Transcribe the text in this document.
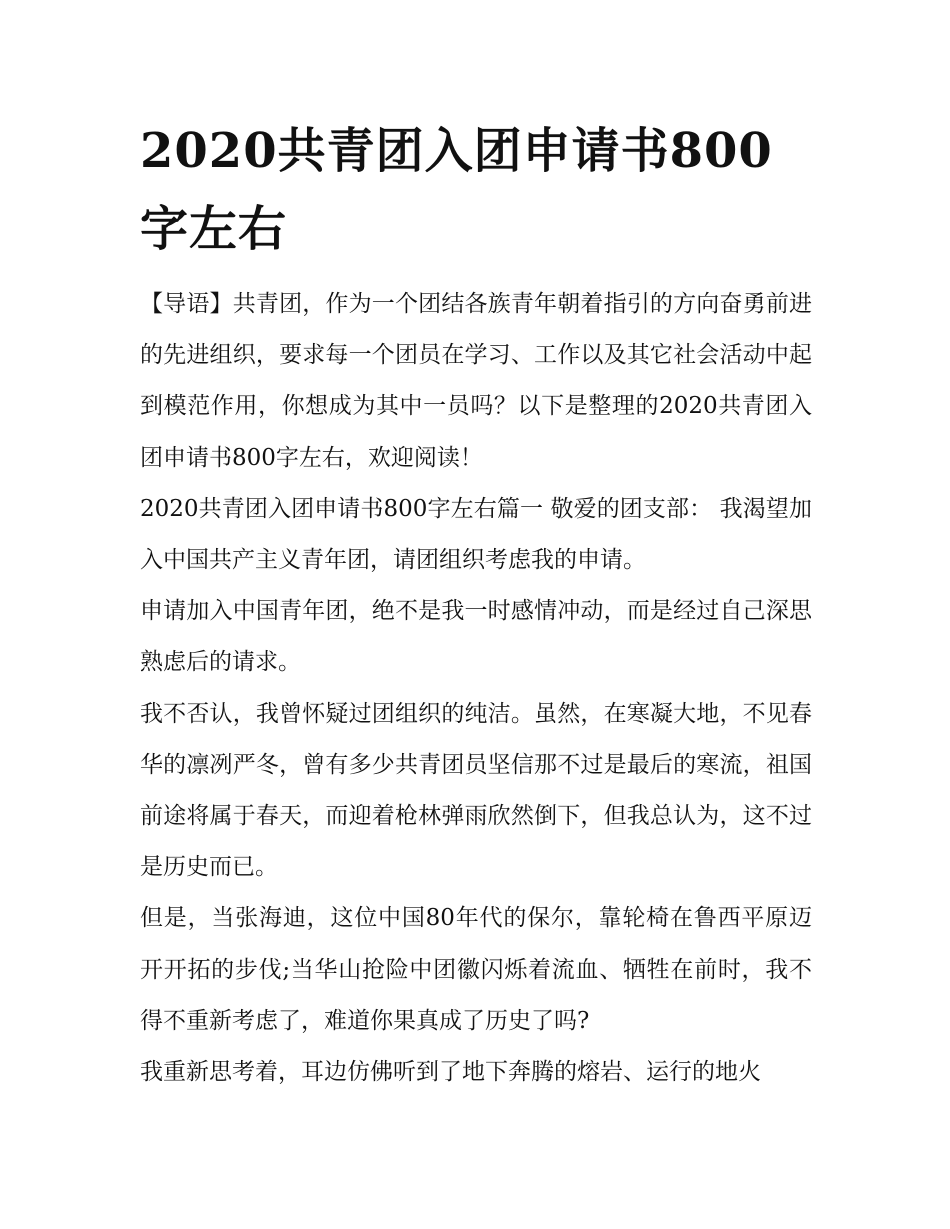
2020共青团入团申请书800字左右

【导语】共青团，作为一个团结各族青年朝着指引的方向奋勇前进的先进组织，要求每一个团员在学习、工作以及其它社会活动中起到模范作用，你想成为其中一员吗？以下是整理的2020共青团入团申请书800字左右，欢迎阅读！

2020共青团入团申请书800字左右篇一 敬爱的团支部： 我渴望加入中国共产主义青年团，请团组织考虑我的申请。

申请加入中国青年团，绝不是我一时感情冲动，而是经过自己深思熟虑后的请求。

我不否认，我曾怀疑过团组织的纯洁。虽然，在寒凝大地，不见春华的凛冽严冬，曾有多少共青团员坚信那不过是最后的寒流，祖国前途将属于春天，而迎着枪林弹雨欣然倒下，但我总认为，这不过是历史而已。

但是，当张海迪，这位中国80年代的保尔，靠轮椅在鲁西平原迈开开拓的步伐;当华山抢险中团徽闪烁着流血、牺牲在前时，我不得不重新考虑了，难道你果真成了历史了吗?

我重新思考着，耳边仿佛听到了地下奔腾的熔岩、运行的地火
